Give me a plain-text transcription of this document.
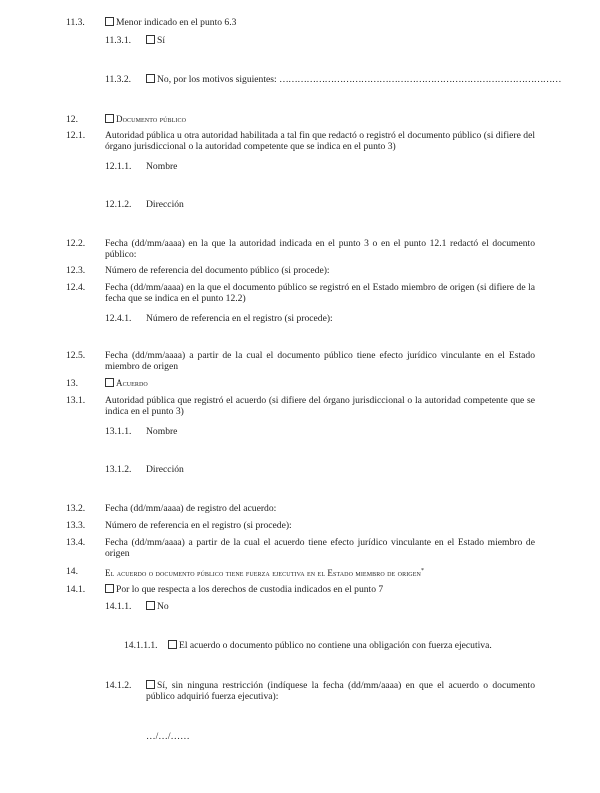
11.3.	Menor indicado en el punto 6.3
11.3.1.	Sí
11.3.2.	No, por los motivos siguientes: …………………………………………………………………………………
12.	Documento público
12.1. Autoridad pública u otra autoridad habilitada a tal fin que redactó o registró el documento público (si difiere del órgano jurisdiccional o la autoridad competente que se indica en el punto 3)
12.1.1. Nombre
12.1.2. Dirección
12.2. Fecha (dd/mm/aaaa) en la que la autoridad indicada en el punto 3 o en el punto 12.1 redactó el documento público:
12.3. Número de referencia del documento público (si procede):
12.4. Fecha (dd/mm/aaaa) en la que el documento público se registró en el Estado miembro de origen (si difiere de la fecha que se indica en el punto 12.2)
12.4.1. Número de referencia en el registro (si procede):
12.5. Fecha (dd/mm/aaaa) a partir de la cual el documento público tiene efecto jurídico vinculante en el Estado miembro de origen
13.	Acuerdo
13.1. Autoridad pública que registró el acuerdo (si difiere del órgano jurisdiccional o la autoridad competente que se indica en el punto 3)
13.1.1. Nombre
13.1.2. Dirección
13.2. Fecha (dd/mm/aaaa) de registro del acuerdo:
13.3. Número de referencia en el registro (si procede):
13.4. Fecha (dd/mm/aaaa) a partir de la cual el acuerdo tiene efecto jurídico vinculante en el Estado miembro de origen
14.	El acuerdo o documento público tiene fuerza ejecutiva en el Estado miembro de origen*
14.1.	Por lo que respecta a los derechos de custodia indicados en el punto 7
14.1.1.	No
14.1.1.1.	El acuerdo o documento público no contiene una obligación con fuerza ejecutiva.
14.1.2.	Sí, sin ninguna restricción (indíquese la fecha (dd/mm/aaaa) en que el acuerdo o documento público adquirió fuerza ejecutiva):
…/…/……
